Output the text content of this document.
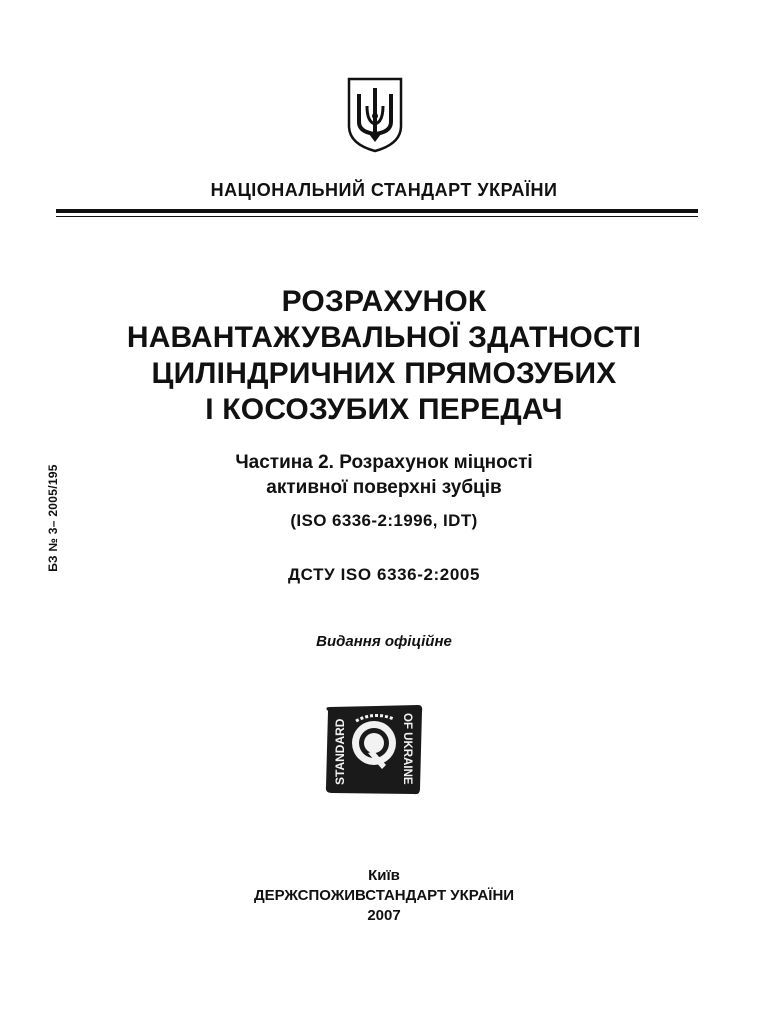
НАЦІОНАЛЬНИЙ СТАНДАРТ УКРАЇНИ
БЗ № 3– 2005/195
РОЗРАХУНОК
НАВАНТАЖУВАЛЬНОЇ ЗДАТНОСТІ
ЦИЛІНДРИЧНИХ ПРЯМОЗУБИХ
І КОСОЗУБИХ ПЕРЕДАЧ
Частина 2. Розрахунок міцності
активної поверхні зубців
(ISO 6336-2:1996, IDT)
ДСТУ ISO 6336-2:2005
Видання офіційне
STANDARD	OF UKRAINE
Київ
ДЕРЖСПОЖИВСТАНДАРТ УКРАЇНИ
2007
